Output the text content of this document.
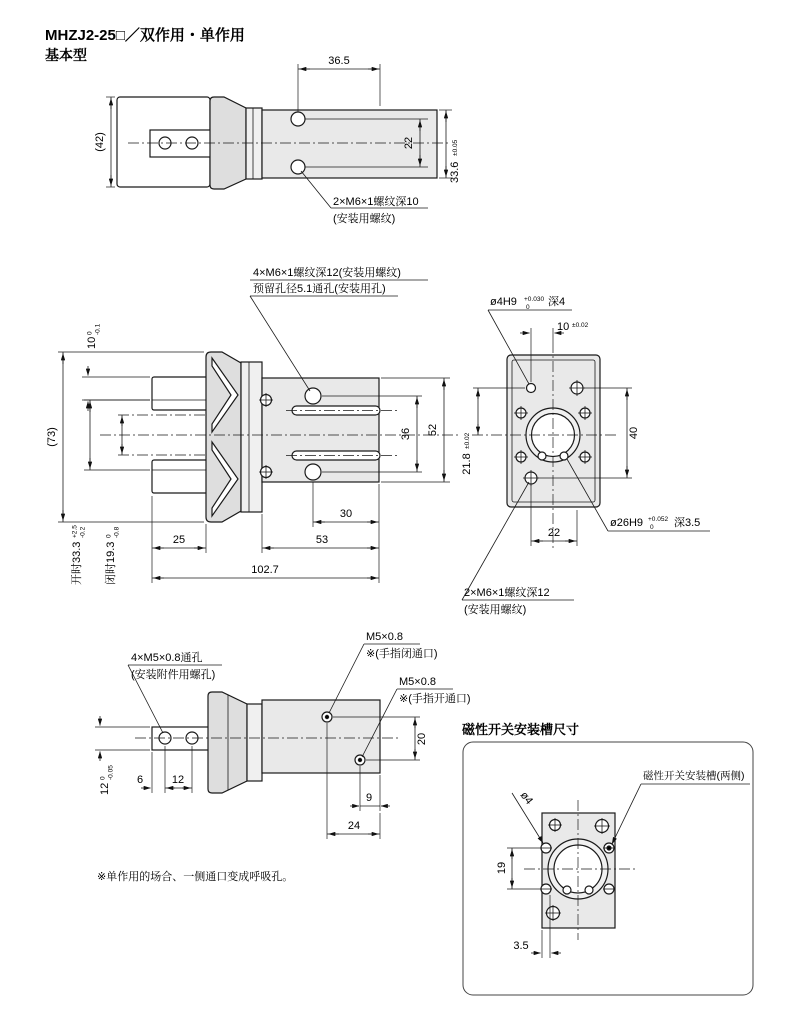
MHZJ2-25□／双作用・单作用
基本型	36.5
33.6
±0.05
22
(42)
2×M6×1螺纹深10
(安装用螺纹)
4×M6×1螺纹深12(安装用螺纹)
预留孔径5.1通孔(安装用孔)
10
0 -0.1
(73)
开时33.3
+2.5 -0.2
闭时19.3
0 -0.8
25	53
102.7
30
36 52
ø4H9 +0.030
0 深4
10 ±0.02
40
21.8
±0.02
22
ø26H9 +0.052
0 深3.5
2×M6×1螺纹深12
(安装用螺纹)
4×M5×0.8通孔
(安装附件用螺孔)
M5×0.8
※(手指闭通口)
M5×0.8
※(手指开通口)
12
0 -0.05 6	12
20
9
24
※单作用的场合、一侧通口变成呼吸孔。
磁性开关安装槽尺寸
19
3.5
ø4
磁性开关安装槽(两侧)
